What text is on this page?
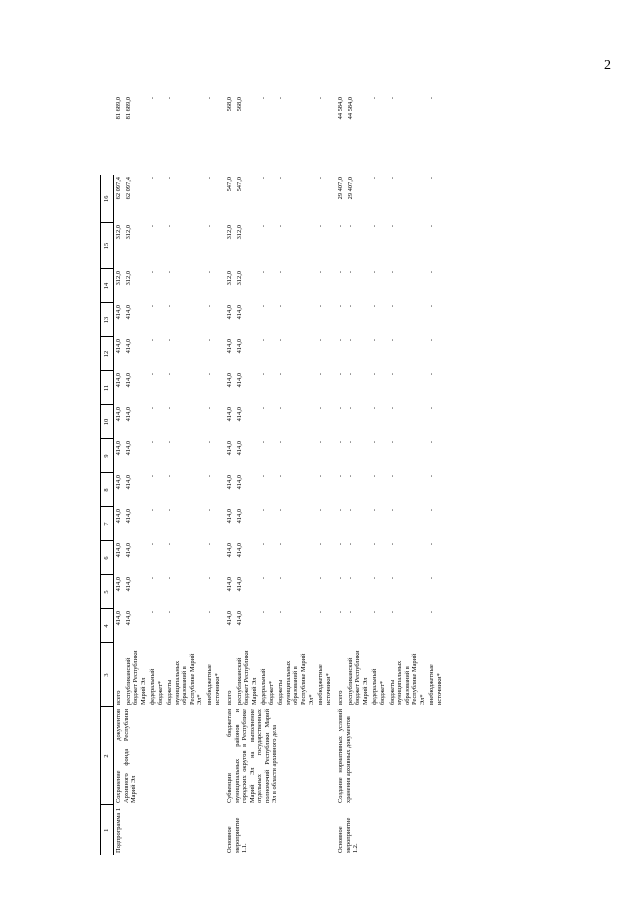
2
1	2	3	4	5	6	7	8	9	10	11	12	13	14	15	16	
Подпрограмма 1	Сохранение документов Архивного фонда Республики Марий Эл	всего	414,0	414,0	414,0	414,0	414,0	414,0	414,0	414,0	414,0	414,0	312,0	312,0	62 097,4	81 689,0
		республиканский бюджет Республики Марий Эл	414,0	414,0	414,0	414,0	414,0	414,0	414,0	414,0	414,0	414,0	312,0	312,0	62 097,4	81 689,0
		федеральный бюджет*	-	-	-	-	-	-	-	-	-	-	-	-	-	-
		бюджеты муниципальных образований в Республике Марий Эл*	-	-	-	-	-	-	-	-	-	-	-	-	-	-
		внебюджетные источники*	-	-	-	-	-	-	-	-	-	-	-	-	-	-
Основное мероприятие 1.1.	Субвенции бюджетам муниципальных районов и городских округов в Республике Марий Эл на выполнение отдельных государственных полномочий Республики Марий Эл в области архивного дела	всего	414,0	414,0	414,0	414,0	414,0	414,0	414,0	414,0	414,0	414,0	312,0	312,0	547,0	568,0
		республиканский бюджет Республики Марий Эл	414,0	414,0	414,0	414,0	414,0	414,0	414,0	414,0	414,0	414,0	312,0	312,0	547,0	568,0
		федеральный бюджет*	-	-	-	-	-	-	-	-	-	-	-	-	-	-
		бюджеты муниципальных образований в Республике Марий Эл*	-	-	-	-	-	-	-	-	-	-	-	-	-	-
		внебюджетные источники*	-	-	-	-	-	-	-	-	-	-	-	-	-	-
Основное мероприятие 1.2.	Создание нормативных условий хранения архивных документов	всего	-	-	-	-	-	-	-	-	-	-	-	-	29 407,0	44 584,0
		республиканский бюджет Республики Марий Эл	-	-	-	-	-	-	-	-	-	-	-	-	29 407,0	44 584,0
		федеральный бюджет*	-	-	-	-	-	-	-	-	-	-	-	-	-	-
		бюджеты муниципальных образований в Республике Марий Эл*	-	-	-	-	-	-	-	-	-	-	-	-	-	-
		внебюджетные источники*	-	-	-	-	-	-	-	-	-	-	-	-	-	-
